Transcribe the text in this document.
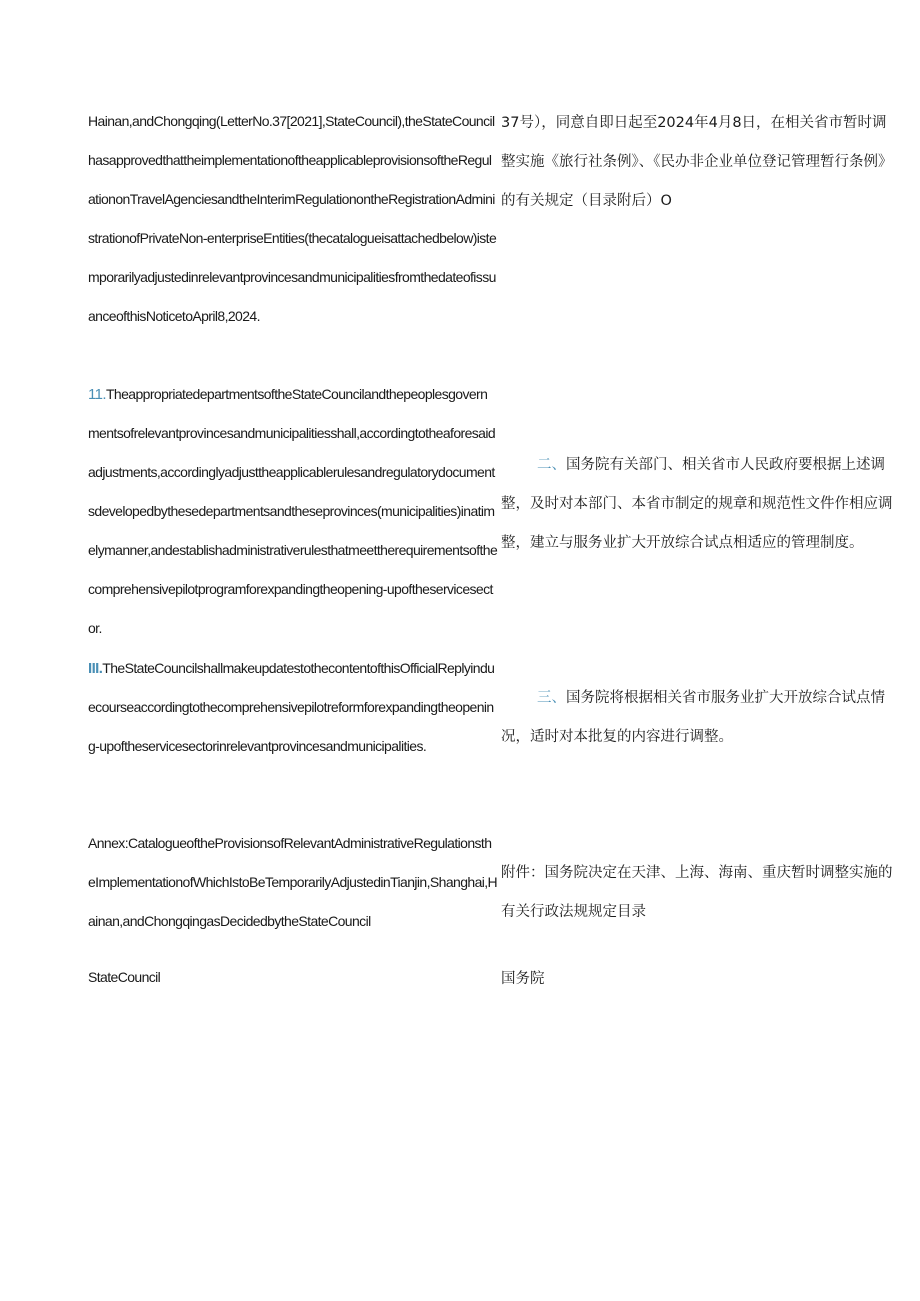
Hainan,andChongqing(LetterNo.37[2021],StateCouncil),theStateCouncilhasapprovedthattheimplementationoftheapplicableprovisionsoftheRegulationonTravelAgenciesandtheInterimRegulationontheRegistrationAdministrationofPrivateNon-enterpriseEntities(thecatalogueisattachedbelow)istemporarilyadjustedinrelevantprovincesandmunicipalitiesfromthedateofissuanceofthisNoticetoApril8,2024.
11.TheappropriatedepartmentsoftheStateCouncilandthepeoplesgovernmentsofrelevantprovincesandmunicipalitiesshall,accordingtotheaforesaidadjustments,accordinglyadjusttheapplicablerulesandregulatorydocumentsdevelopedbythesedepartmentsandtheseprovinces(municipalities)inatimelymanner,andestablishadministrativerulesthatmeettherequirementsofthecomprehensivepilotprogramforexpandingtheopening-upoftheservicesector.
III.TheStateCouncilshallmakeupdatestothecontentofthisOfficialReplyinduecourseaccordingtothecomprehensivepilotreformforexpandingtheopening-upoftheservicesectorinrelevantprovincesandmunicipalities.
Annex:CatalogueoftheProvisionsofRelevantAdministrativeRegulationstheImplementationofWhichIstoBeTemporarilyAdjustedinTianjin,Shanghai,Hainan,andChongqingasDecidedbytheStateCouncil
StateCouncil
37号），同意自即日起至2024年4月8日，在相关省市暂时调整实施《旅行社条例》、《民办非企业单位登记管理暂行条例》的有关规定（目录附后）O
二、国务院有关部门、相关省市人民政府要根据上述调整，及时对本部门、本省市制定的规章和规范性文件作相应调整，建立与服务业扩大开放综合试点相适应的管理制度。
三、国务院将根据相关省市服务业扩大开放综合试点情况，适时对本批复的内容进行调整。
附件：国务院决定在天津、上海、海南、重庆暂时调整实施的有关行政法规规定目录
国务院
